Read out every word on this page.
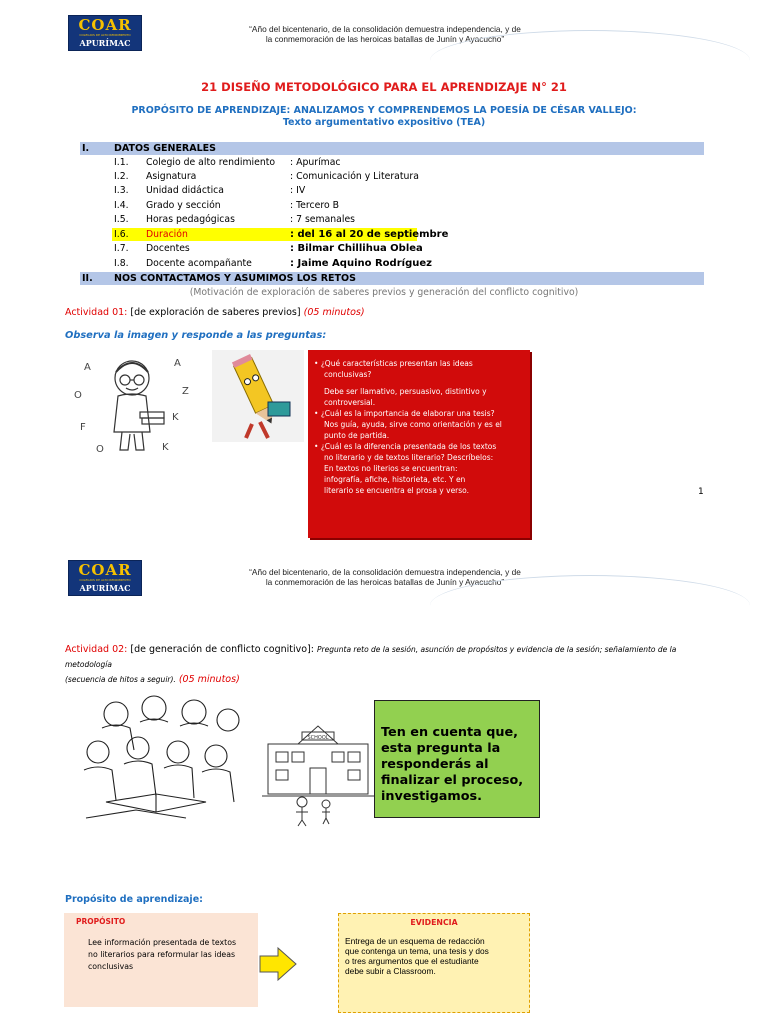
COAR
COLEGIOS DE ALTO RENDIMIENTO
APURÍMAC
“Año del bicentenario, de la consolidación demuestra independencia, y de
la conmemoración de las heroicas batallas de Junín y Ayacucho”
21 DISEÑO METODOLÓGICO PARA EL APRENDIZAJE N° 21
PROPÓSITO DE APRENDIZAJE: ANALIZAMOS Y COMPRENDEMOS LA POESÍA DE CÉSAR VALLEJO:
Texto argumentativo expositivo (TEA)
I.	DATOS GENERALES
I.1. Colegio de alto rendimiento : Apurímac
I.2. Asignatura	: Comunicación y Literatura
I.3. Unidad didáctica	: IV
I.4. Grado y sección	: Tercero B
I.5. Horas pedagógicas	: 7 semanales
I.6. Duración	: del 16 al 20 de septiembre
I.7. Docentes	: Bilmar Chillihua Oblea
I.8. Docente acompañante	: Jaime Aquino Rodríguez
II. NOS CONTACTAMOS Y ASUMIMOS LOS RETOS
(Motivación de exploración de saberes previos y generación del conflicto cognitivo)
Actividad 01: [de exploración de saberes previos] (05 minutos)
Observa la imagen y responde a las preguntas:
A
O
F
A
Z
K
K
O
• ¿Qué características presentan las ideas
conclusivas?
Debe ser llamativo, persuasivo, distintivo y
controversial.
• ¿Cuál es la importancia de elaborar una tesis?
Nos guía, ayuda, sirve como orientación y es el
punto de partida.
• ¿Cuál es la diferencia presentada de los textos
no literario y de textos literario? Descríbelos:
En textos no literios se encuentran:
infografía, afiche, historieta, etc. Y en
literario se encuentra el prosa y verso.	1
COAR
COLEGIOS DE ALTO RENDIMIENTO
APURÍMAC
“Año del bicentenario, de la consolidación demuestra independencia, y de
la conmemoración de las heroicas batallas de Junín y Ayacucho”
Actividad 02: [de generación de conflicto cognitivo]: Pregunta reto de la sesión, asunción de propósitos y evidencia de la sesión; señalamiento de la metodología
(secuencia de hitos a seguir). (05 minutos)
SCHOOL	Ten en cuenta que,
esta pregunta la
responderás al
finalizar el proceso,
investigamos.
Propósito de aprendizaje:
PROPÓSITO
Lee información presentada de textos
no literarios para reformular las ideas
conclusivas
EVIDENCIA
Entrega de un esquema de redacción
que contenga un tema, una tesis y dos
o tres argumentos que el estudiante
debe subir a Classroom.
